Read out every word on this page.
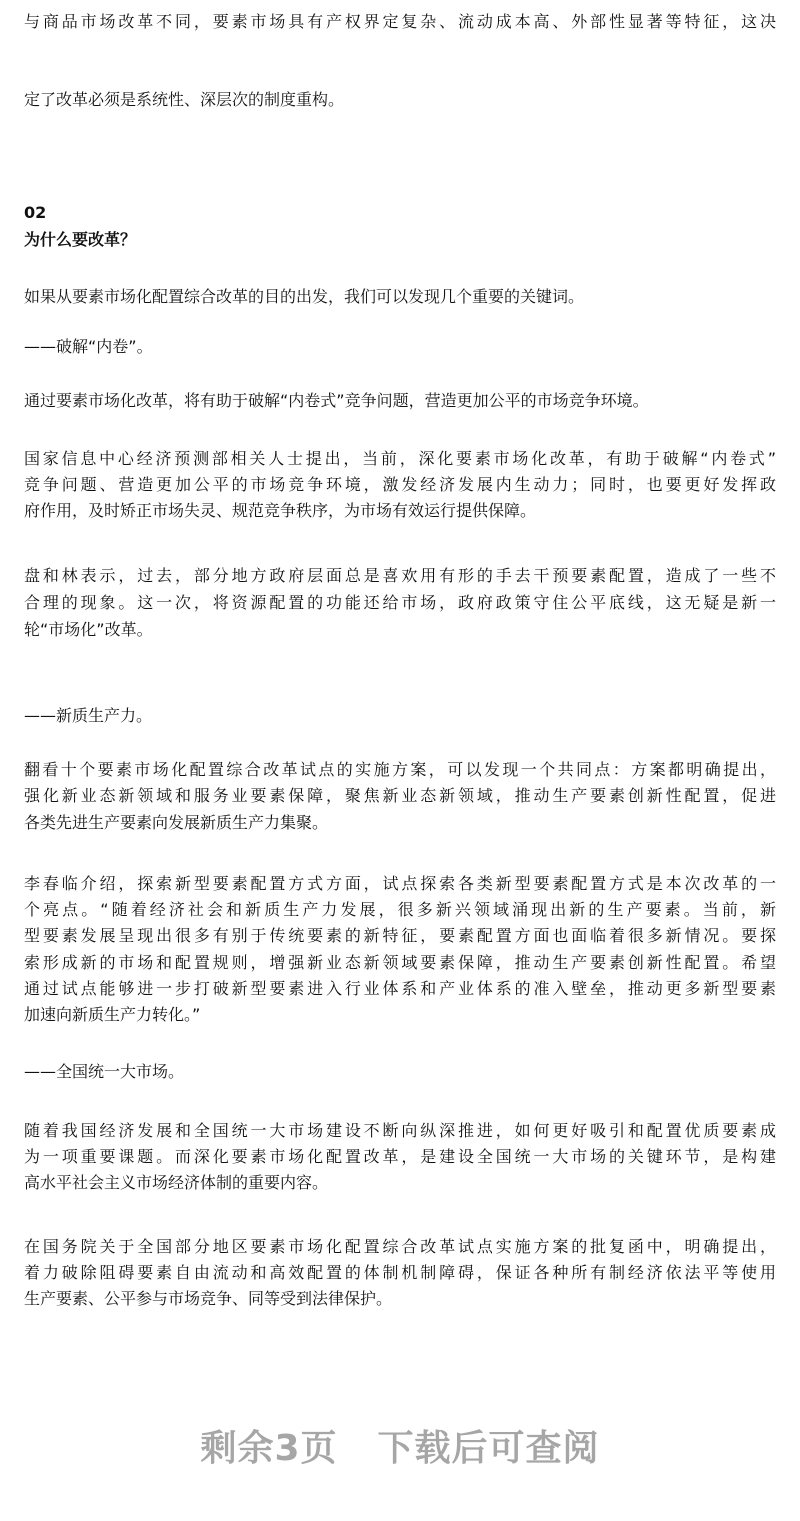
与商品市场改革不同，要素市场具有产权界定复杂、流动成本高、外部性显著等特征，这决
定了改革必须是系统性、深层次的制度重构。
02
为什么要改革？
如果从要素市场化配置综合改革的目的出发，我们可以发现几个重要的关键词。
——破解“内卷”。
通过要素市场化改革，将有助于破解“内卷式”竞争问题，营造更加公平的市场竞争环境。
国家信息中心经济预测部相关人士提出，当前，深化要素市场化改革，有助于破解“内卷式”
竞争问题、营造更加公平的市场竞争环境，激发经济发展内生动力；同时，也要更好发挥政
府作用，及时矫正市场失灵、规范竞争秩序，为市场有效运行提供保障。
盘和林表示，过去，部分地方政府层面总是喜欢用有形的手去干预要素配置，造成了一些不
合理的现象。这一次，将资源配置的功能还给市场，政府政策守住公平底线，这无疑是新一
轮“市场化”改革。
——新质生产力。
翻看十个要素市场化配置综合改革试点的实施方案，可以发现一个共同点：方案都明确提出，
强化新业态新领域和服务业要素保障，聚焦新业态新领域，推动生产要素创新性配置，促进
各类先进生产要素向发展新质生产力集聚。
李春临介绍，探索新型要素配置方式方面，试点探索各类新型要素配置方式是本次改革的一
个亮点。“随着经济社会和新质生产力发展，很多新兴领域涌现出新的生产要素。当前，新
型要素发展呈现出很多有别于传统要素的新特征，要素配置方面也面临着很多新情况。要探
索形成新的市场和配置规则，增强新业态新领域要素保障，推动生产要素创新性配置。希望
通过试点能够进一步打破新型要素进入行业体系和产业体系的准入壁垒，推动更多新型要素
加速向新质生产力转化。”
——全国统一大市场。
随着我国经济发展和全国统一大市场建设不断向纵深推进，如何更好吸引和配置优质要素成
为一项重要课题。而深化要素市场化配置改革，是建设全国统一大市场的关键环节，是构建
高水平社会主义市场经济体制的重要内容。
在国务院关于全国部分地区要素市场化配置综合改革试点实施方案的批复函中，明确提出，
着力破除阻碍要素自由流动和高效配置的体制机制障碍，保证各种所有制经济依法平等使用
生产要素、公平参与市场竞争、同等受到法律保护。
剩余3页 下载后可查阅
